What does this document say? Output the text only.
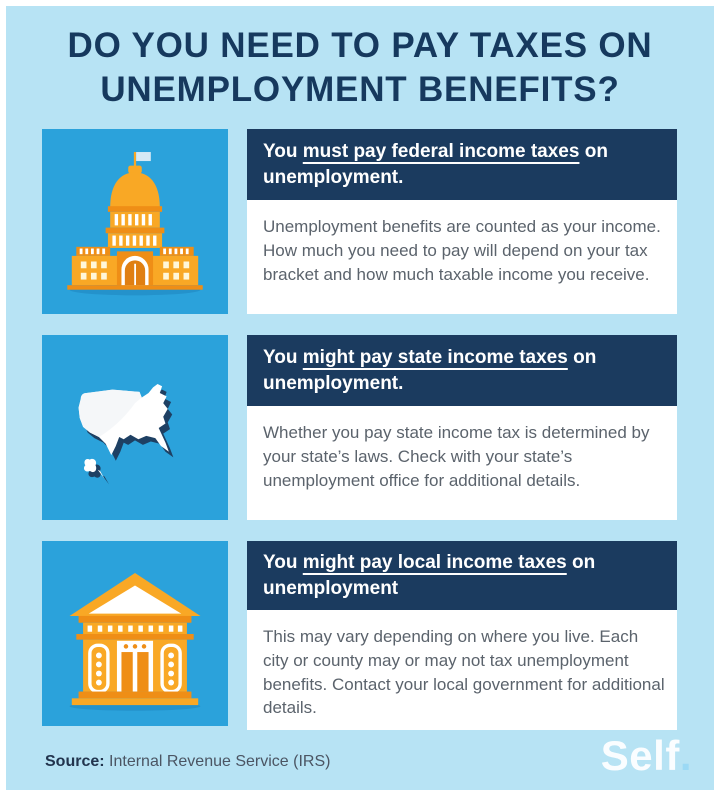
DO YOU NEED TO PAY TAXES ON
UNEMPLOYMENT BENEFITS?
You must pay federal income taxes on unemployment.
Unemployment benefits are counted as your income. How much you need to pay will depend on your tax bracket and how much taxable income you receive.
You might pay state income taxes on unemployment.
Whether you pay state income tax is determined by your state’s laws. Check with your state’s unemployment office for additional details.
You might pay local income taxes on unemployment
This may vary depending on where you live. Each city or county may or may not tax unemployment benefits. Contact your local government for additional details.
Source: Internal Revenue Service (IRS)	Self.
